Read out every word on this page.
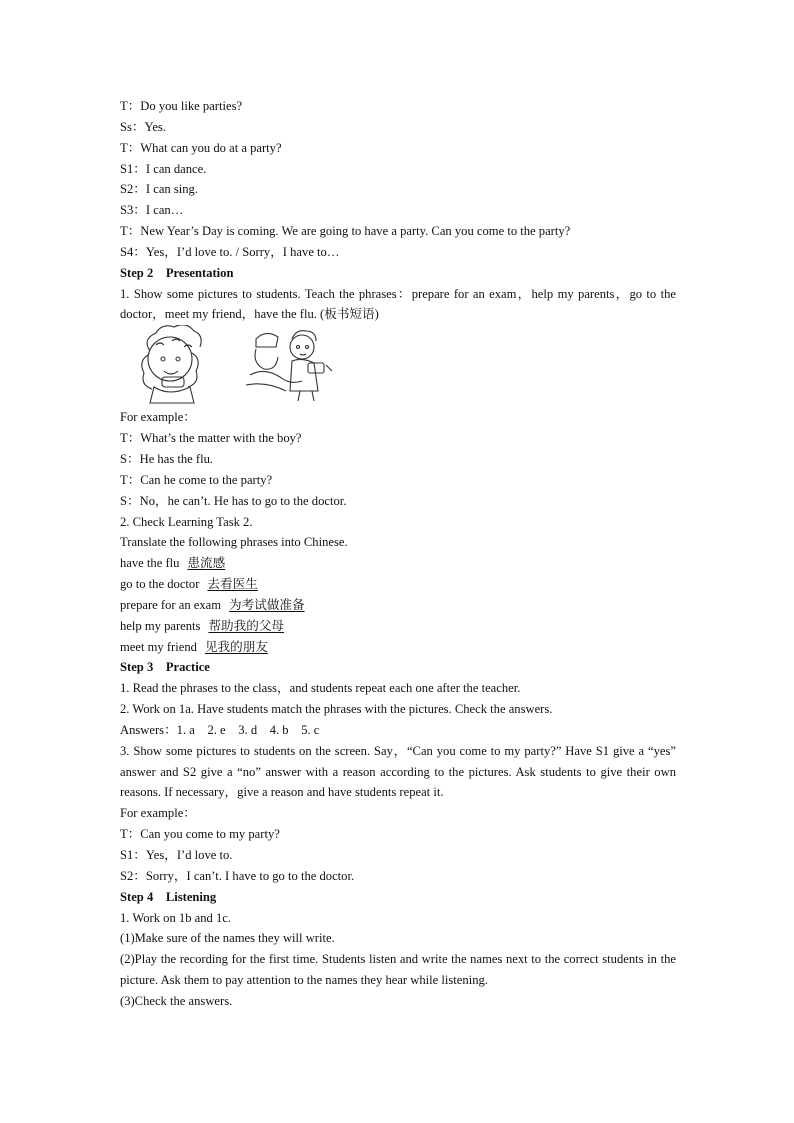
T：Do you like parties?
Ss：Yes.
T：What can you do at a party?
S1：I can dance.
S2：I can sing.
S3：I can…
T：New Year’s Day is coming. We are going to have a party. Can you come to the party?
S4：Yes，I’d love to. / Sorry，I have to…
Step 2　Presentation
1. Show some pictures to students. Teach the phrases：prepare for an exam，help my parents，go to the doctor，meet my friend，have the flu. (板书短语)
For example：
T：What’s the matter with the boy?
S：He has the flu.
T：Can he come to the party?
S：No，he can’t. He has to go to the doctor.
2. Check Learning Task 2.
Translate the following phrases into Chinese.
have the flu 患流感
go to the doctor 去看医生
prepare for an exam 为考试做准备
help my parents 帮助我的父母
meet my friend 见我的朋友
Step 3　Practice
1. Read the phrases to the class，and students repeat each one after the teacher.
2. Work on 1a. Have students match the phrases with the pictures. Check the answers.
Answers：1. a　2. e　3. d　4. b　5. c
3. Show some pictures to students on the screen. Say，“Can you come to my party?” Have S1 give a “yes” answer and S2 give a “no” answer with a reason according to the pictures. Ask students to give their own reasons. If necessary，give a reason and have students repeat it.
For example：
T：Can you come to my party?
S1：Yes，I’d love to.
S2：Sorry，I can’t. I have to go to the doctor.
Step 4　Listening
1. Work on 1b and 1c.
(1)Make sure of the names they will write.
(2)Play the recording for the first time. Students listen and write the names next to the correct students in the picture. Ask them to pay attention to the names they hear while listening.
(3)Check the answers.
